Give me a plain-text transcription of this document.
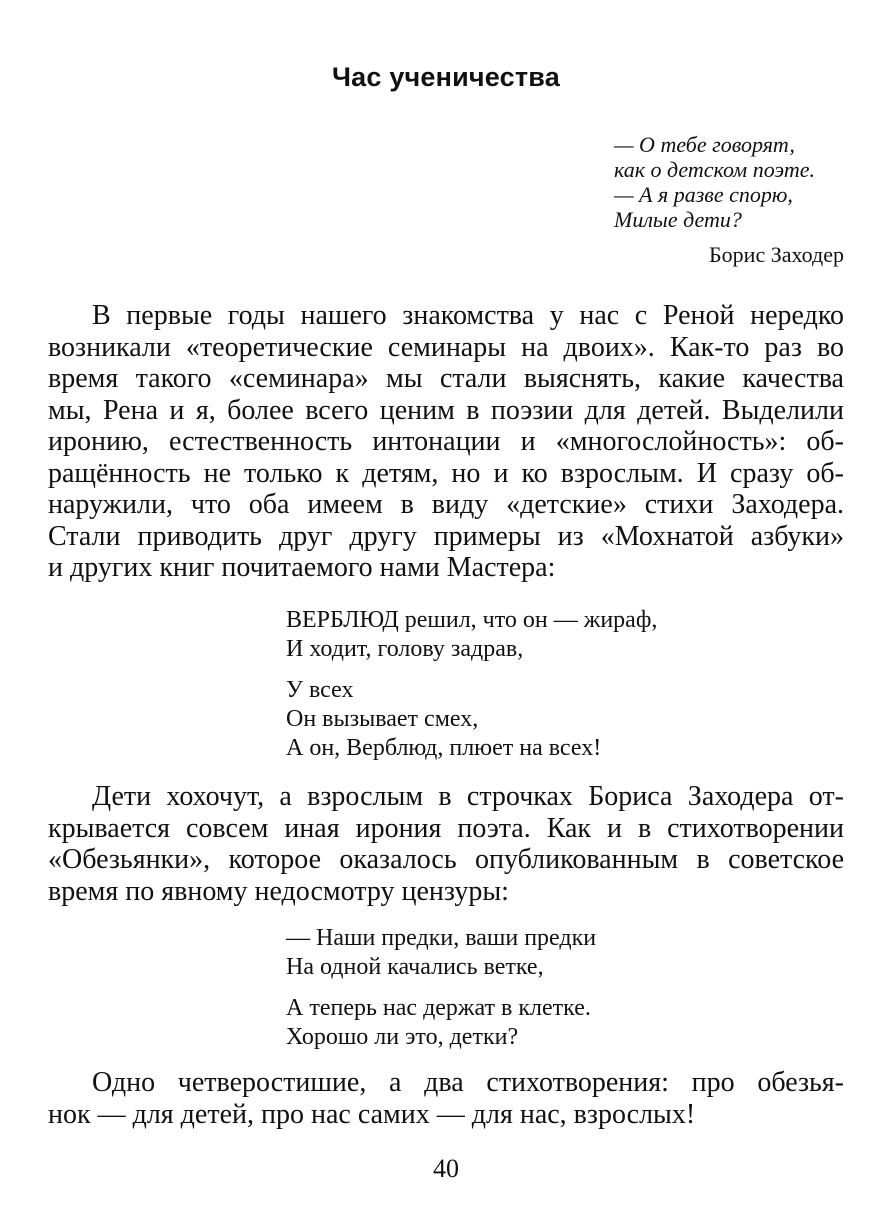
Час ученичества
— О тебе говорят,
как о детском поэте.
— А я разве спорю,
Милые дети?
Борис Заходер
В первые годы нашего знакомства у нас с Реной нередко
возникали «теоретические семинары на двоих». Как-то раз во
время такого «семинара» мы стали выяснять, какие качества
мы, Рена и я, более всего ценим в поэзии для детей. Выделили
иронию, естественность интонации и «многослойность»: об-
ращённость не только к детям, но и ко взрослым. И сразу об-
наружили, что оба имеем в виду «детские» стихи Заходера.
Стали приводить друг другу примеры из «Мохнатой азбуки»
и других книг почитаемого нами Мастера:
ВЕРБЛЮД решил, что он — жираф,
И ходит, голову задрав,
У всех
Он вызывает смех,
А он, Верблюд, плюет на всех!
Дети хохочут, а взрослым в строчках Бориса Заходера от-
крывается совсем иная ирония поэта. Как и в стихотворении
«Обезьянки», которое оказалось опубликованным в советское
время по явному недосмотру цензуры:
— Наши предки, ваши предки
На одной качались ветке,
А теперь нас держат в клетке.
Хорошо ли это, детки?
Одно четверостишие, а два стихотворения: про обезья-
нок — для детей, про нас самих — для нас, взрослых!
40
